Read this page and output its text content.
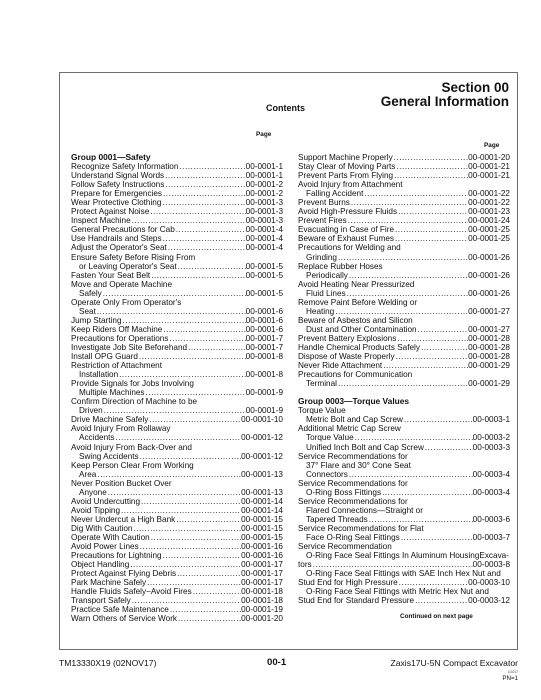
Section 00
General Information
Contents
Page
Page
Group 0001—Safety
Recognize Safety Information .....	00-0001-1
Understand Signal Words .....	00-0001-1
Follow Safety Instructions .....	00-0001-2
Prepare for Emergencies .....	00-0001-2
Wear Protective Clothing .....	00-0001-3
Protect Against Noise .....	00-0001-3
Inspect Machine .....	00-0001-3
General Precautions for Cab .....	00-0001-4
Use Handrails and Steps .....	00-0001-4
Adjust the Operator's Seat .....	00-0001-4
Ensure Safety Before Rising From
or Leaving Operator's Seat .....	00-0001-5
Fasten Your Seat Belt .....	00-0001-5
Move and Operate Machine
Safely .....	00-0001-5
Operate Only From Operator's
Seat .....	00-0001-6
Jump Starting .....	00-0001-6
Keep Riders Off Machine .....	00-0001-6
Precautions for Operations .....	00-0001-7
Investigate Job Site Beforehand .....	00-0001-7
Install OPG Guard .....	00-0001-8
Restriction of Attachment
Installation .....	00-0001-8
Provide Signals for Jobs Involving
Multiple Machines .....	00-0001-9
Confirm Direction of Machine to be
Driven .....	00-0001-9
Drive Machine Safely .....	00-0001-10
Avoid Injury From Rollaway
Accidents .....	00-0001-12
Avoid Injury From Back-Over and
Swing Accidents .....	00-0001-12
Keep Person Clear From Working
Area .....	00-0001-13
Never Position Bucket Over
Anyone .....	00-0001-13
Avoid Undercutting .....	00-0001-14
Avoid Tipping .....	00-0001-14
Never Undercut a High Bank .....	00-0001-15
Dig With Caution .....	00-0001-15
Operate With Caution .....	00-0001-15
Avoid Power Lines .....	00-0001-16
Precautions for Lightning .....	00-0001-16
Object Handling .....	00-0001-17
Protect Against Flying Debris .....	00-0001-17
Park Machine Safely .....	00-0001-17
Handle Fluids Safely−Avoid Fires .....	00-0001-18
Transport Safely .....	00-0001-18
Practice Safe Maintenance .....	00-0001-19
Warn Others of Service Work .....	00-0001-20
Support Machine Properly .....	00-0001-20
Stay Clear of Moving Parts .....	00-0001-21
Prevent Parts From Flying .....	00-0001-21
Avoid Injury from Attachment
Falling Accident .....	00-0001-22
Prevent Burns .....	00-0001-22
Avoid High-Pressure Fluids .....	00-0001-23
Prevent Fires .....	00-0001-24
Evacuating in Case of Fire .....	00-0001-25
Beware of Exhaust Fumes .....	00-0001-25
Precautions for Welding and
Grinding .....	00-0001-26
Replace Rubber Hoses
Periodically .....	00-0001-26
Avoid Heating Near Pressurized
Fluid Lines .....	00-0001-26
Remove Paint Before Welding or
Heating .....	00-0001-27
Beware of Asbestos and Silicon
Dust and Other Contamination .....	00-0001-27
Prevent Battery Explosions .....	00-0001-28
Handle Chemical Products Safely .....	00-0001-28
Dispose of Waste Properly .....	00-0001-28
Never Ride Attachment .....	00-0001-29
Precautions for Communication
Terminal .....	00-0001-29
Group 0003—Torque Values
Torque Value
Metric Bolt and Cap Screw .....	00-0003-1
Additional Metric Cap Screw
Torque Value .....	00-0003-2
Unified Inch Bolt and Cap Screw .....	00-0003-3
Service Recommendations for
37° Flare and 30° Cone Seat
Connectors .....	00-0003-4
Service Recommendations for
O-Ring Boss Fittings .....	00-0003-4
Service Recommendations for
Flared Connections—Straight or
Tapered Threads .....	00-0003-6
Service Recommendations for Flat
Face O-Ring Seal Fittings .....	00-0003-7
Service Recommendation
O-Ring Face Seal Fittings In Aluminum HousingExcava-
tors .....	00-0003-8
O-Ring Face Seal Fittings with SAE Inch Hex Nut and
Stud End for High Pressure .....	00-0003-10
O-Ring Face Seal Fittings with Metric Hex Nut and
Stud End for Standard Pressure .....	00-0003-12
Continued on next page
TM13330X19 (02NOV17)	00-1	Zaxis17U-5N Compact Excavator
110217
PN=1
